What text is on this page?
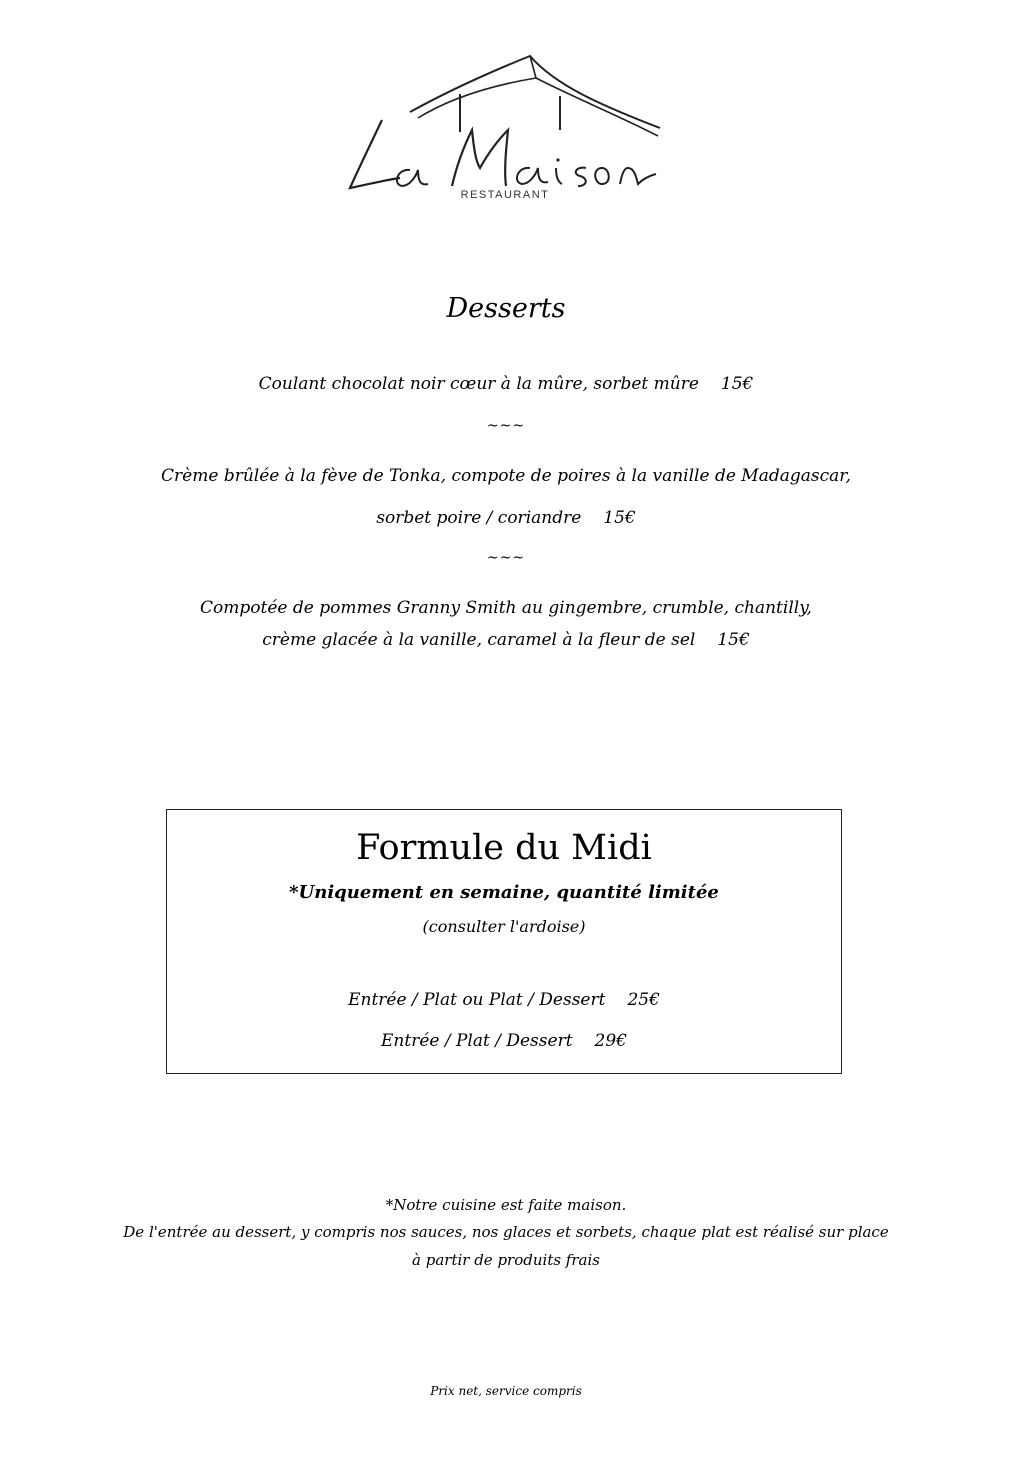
RESTAURANT
Desserts
Coulant chocolat noir cœur à la mûre, sorbet mûre 15€
~~~
Crème brûlée à la fève de Tonka, compote de poires à la vanille de Madagascar,
sorbet poire / coriandre 15€
~~~
Compotée de pommes Granny Smith au gingembre, crumble, chantilly,
crème glacée à la vanille, caramel à la fleur de sel 15€
Formule du Midi
*Uniquement en semaine, quantité limitée
(consulter l'ardoise)
Entrée / Plat ou Plat / Dessert 25€
Entrée / Plat / Dessert 29€
*Notre cuisine est faite maison.
De l'entrée au dessert, y compris nos sauces, nos glaces et sorbets, chaque plat est réalisé sur place
à partir de produits frais
Prix net, service compris
